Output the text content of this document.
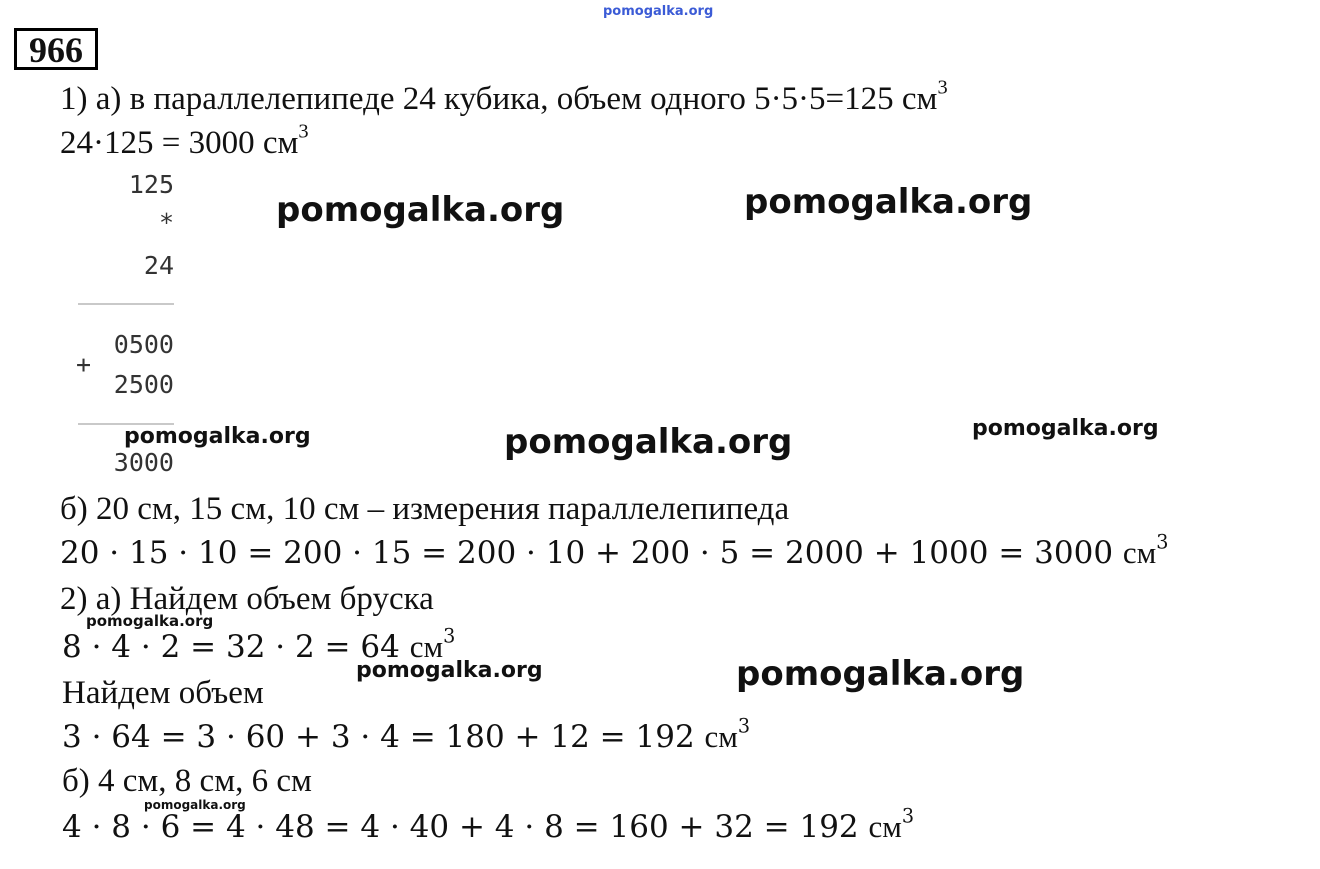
pomogalka.org
966
1) а) в параллелепипеде 24 кубика, объем одного 5·5·5=125 $см^3$
24·125 = 3000 $см^3$
125
*
24
0500
+
2500
3000
б) 20 см, 15 см, 10 см – измерения параллелепипеда
20 · 15 · 10 = 200 · 15 = 200 · 10 + 200 · 5 = 2000 + 1000 = 3000 $см^3$
2) а) Найдем объем бруска
8 · 4 · 2 = 32 · 2 = 64 $см^3$
Найдем объем
3 · 64 = 3 · 60 + 3 · 4 = 180 + 12 = 192 $см^3$
б) 4 см, 8 см, 6 см
4 · 8 · 6 = 4 · 48 = 4 · 40 + 4 · 8 = 160 + 32 = 192 $см^3$
pomogalka.org	pomogalka.org
pomogalka.org	pomogalka.org	pomogalka.org
pomogalka.org
pomogalka.org	pomogalka.org
pomogalka.org
